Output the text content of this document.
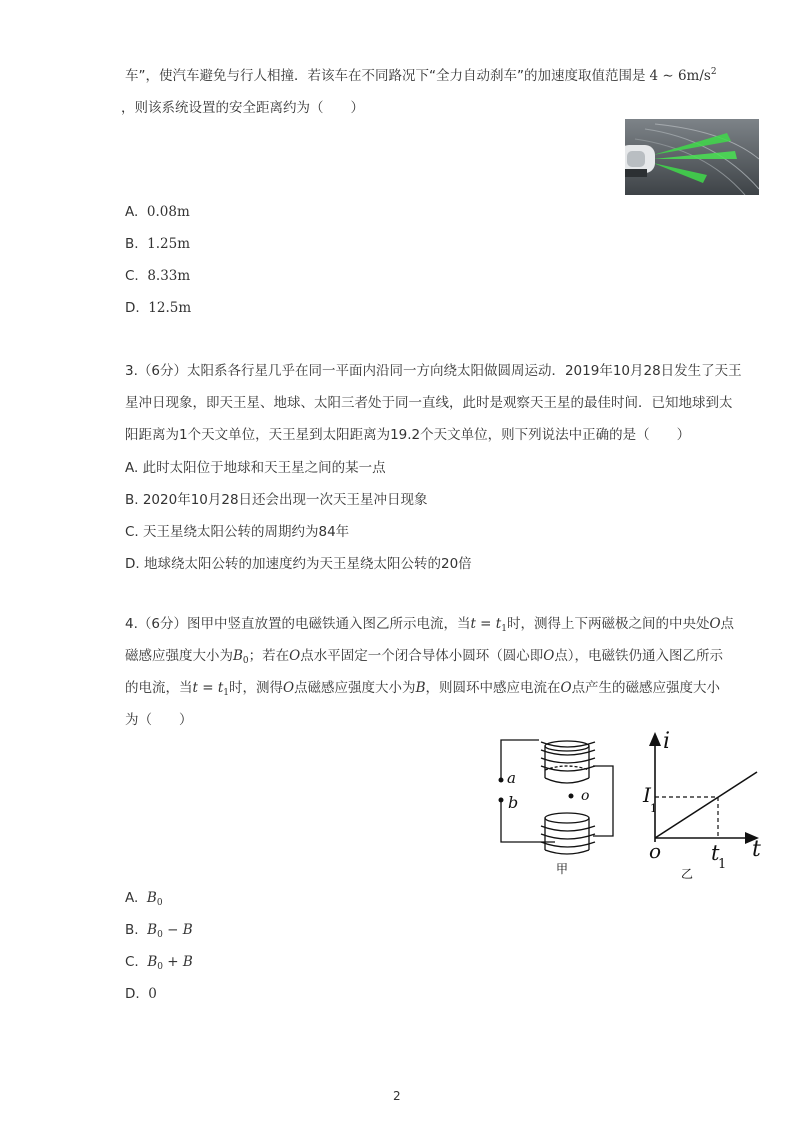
车”，使汽车避免与行人相撞．若该车在不同路况下“全力自动刹车”的加速度取值范围是 4 ∼ $6m/s^2$
，则该系统设置的安全距离约为（　　）
A. 0.08m
B. 1.25m
C. 8.33m
D. 12.5m
3.（6分）太阳系各行星几乎在同一平面内沿同一方向绕太阳做圆周运动．2019年10月28日发生了天王
星冲日现象，即天王星、地球、太阳三者处于同一直线，此时是观察天王星的最佳时间．已知地球到太
阳距离为1个天文单位，天王星到太阳距离为19.2个天文单位，则下列说法中正确的是（　　）
A. 此时太阳位于地球和天王星之间的某一点
B. 2020年10月28日还会出现一次天王星冲日现象
C. 天王星绕太阳公转的周期约为84年
D. 地球绕太阳公转的加速度约为天王星绕太阳公转的20倍
4.（6分）图甲中竖直放置的电磁铁通入图乙所示电流，当$t = t_1$时，测得上下两磁极之间的中央处O点
磁感应强度大小为$B_0$；若在O点水平固定一个闭合导体小圆环（圆心即O点），电磁铁仍通入图乙所示
的电流，当$t = t_1$时，测得O点磁感应强度大小为B，则圆环中感应电流在O点产生的磁感应强度大小
为（　　）
a
b	o
甲
i
t
o
I
1
t
1
乙
A. $B_0$
B. $B_0 - B$
C. $B_0 + B$
D. 0
2
